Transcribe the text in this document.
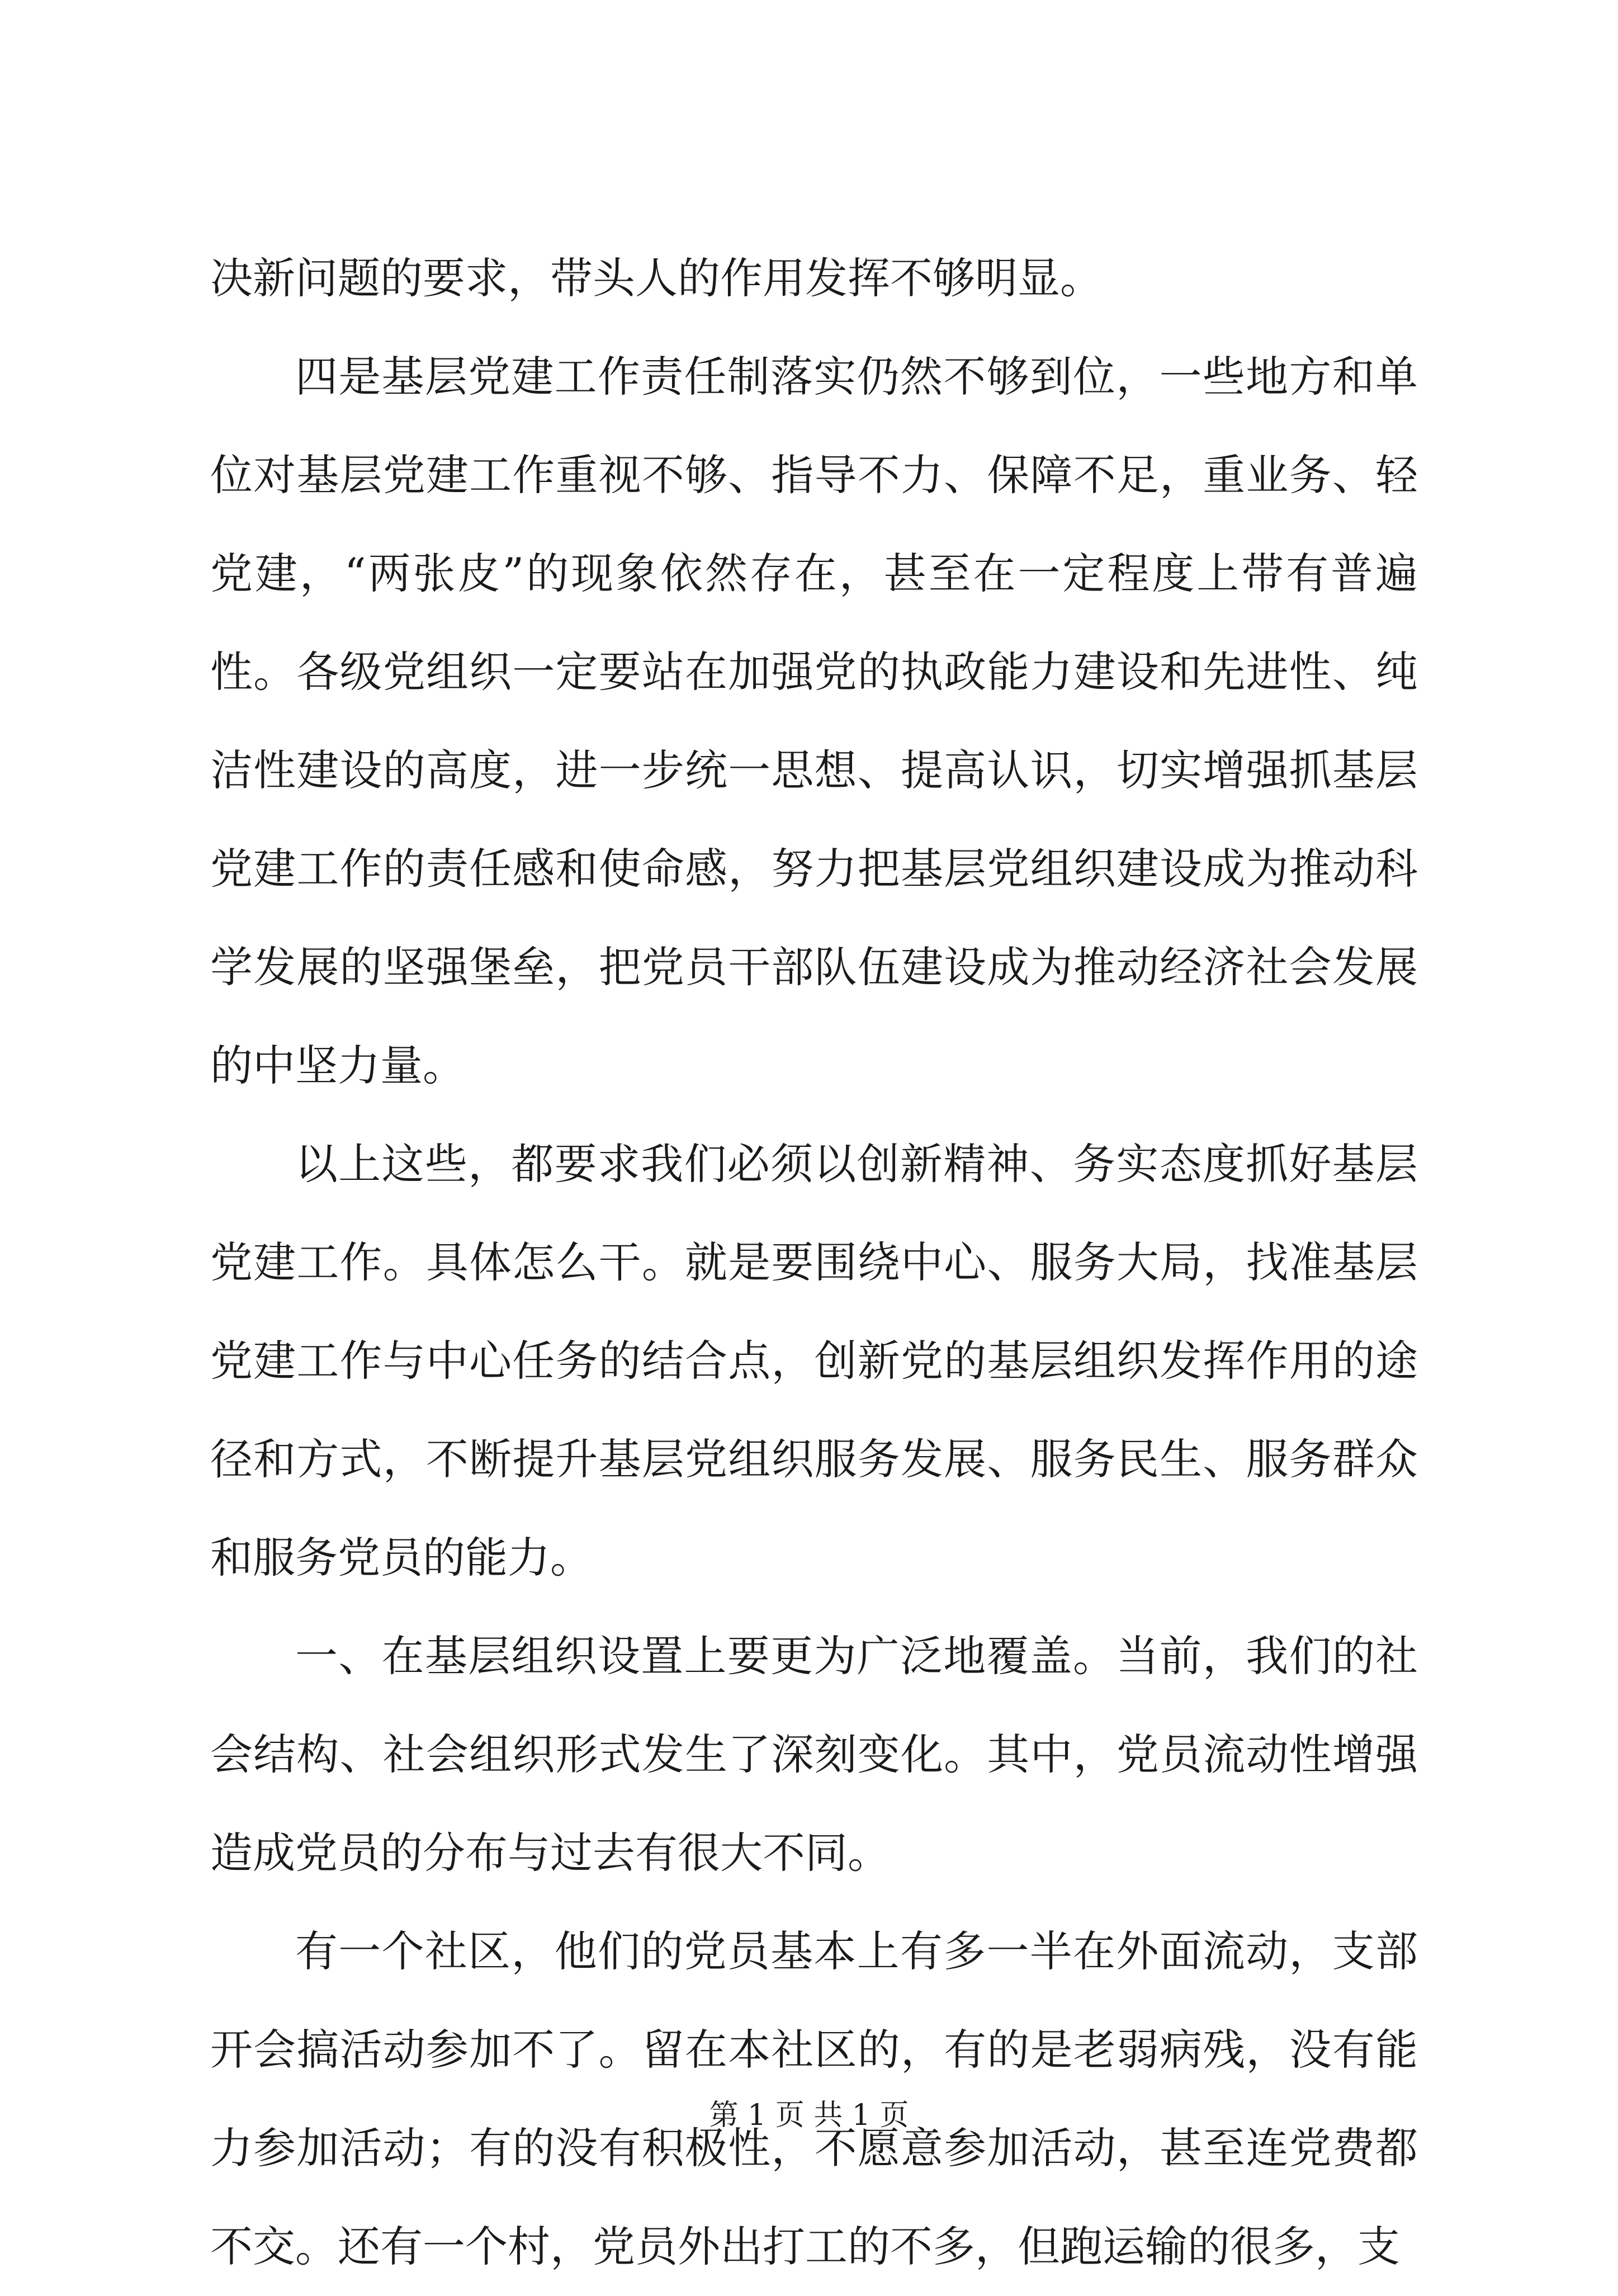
决新问题的要求，带头人的作用发挥不够明显。

四是基层党建工作责任制落实仍然不够到位，一些地方和单位对基层党建工作重视不够、指导不力、保障不足，重业务、轻党建，“两张皮”的现象依然存在，甚至在一定程度上带有普遍性。各级党组织一定要站在加强党的执政能力建设和先进性、纯洁性建设的高度，进一步统一思想、提高认识，切实增强抓基层党建工作的责任感和使命感，努力把基层党组织建设成为推动科学发展的坚强堡垒，把党员干部队伍建设成为推动经济社会发展的中坚力量。

以上这些，都要求我们必须以创新精神、务实态度抓好基层党建工作。具体怎么干。就是要围绕中心、服务大局，找准基层党建工作与中心任务的结合点，创新党的基层组织发挥作用的途径和方式，不断提升基层党组织服务发展、服务民生、服务群众和服务党员的能力。

一、在基层组织设置上要更为广泛地覆盖。当前，我们的社会结构、社会组织形式发生了深刻变化。其中，党员流动性增强造成党员的分布与过去有很大不同。

有一个社区，他们的党员基本上有多一半在外面流动，支部开会搞活动参加不了。留在本社区的，有的是老弱病残，没有能力参加活动；有的没有积极性，不愿意参加活动，甚至连党费都不交。还有一个村，党员外出打工的不多，但跑运输的很多，支

第 1 页 共 1 页
